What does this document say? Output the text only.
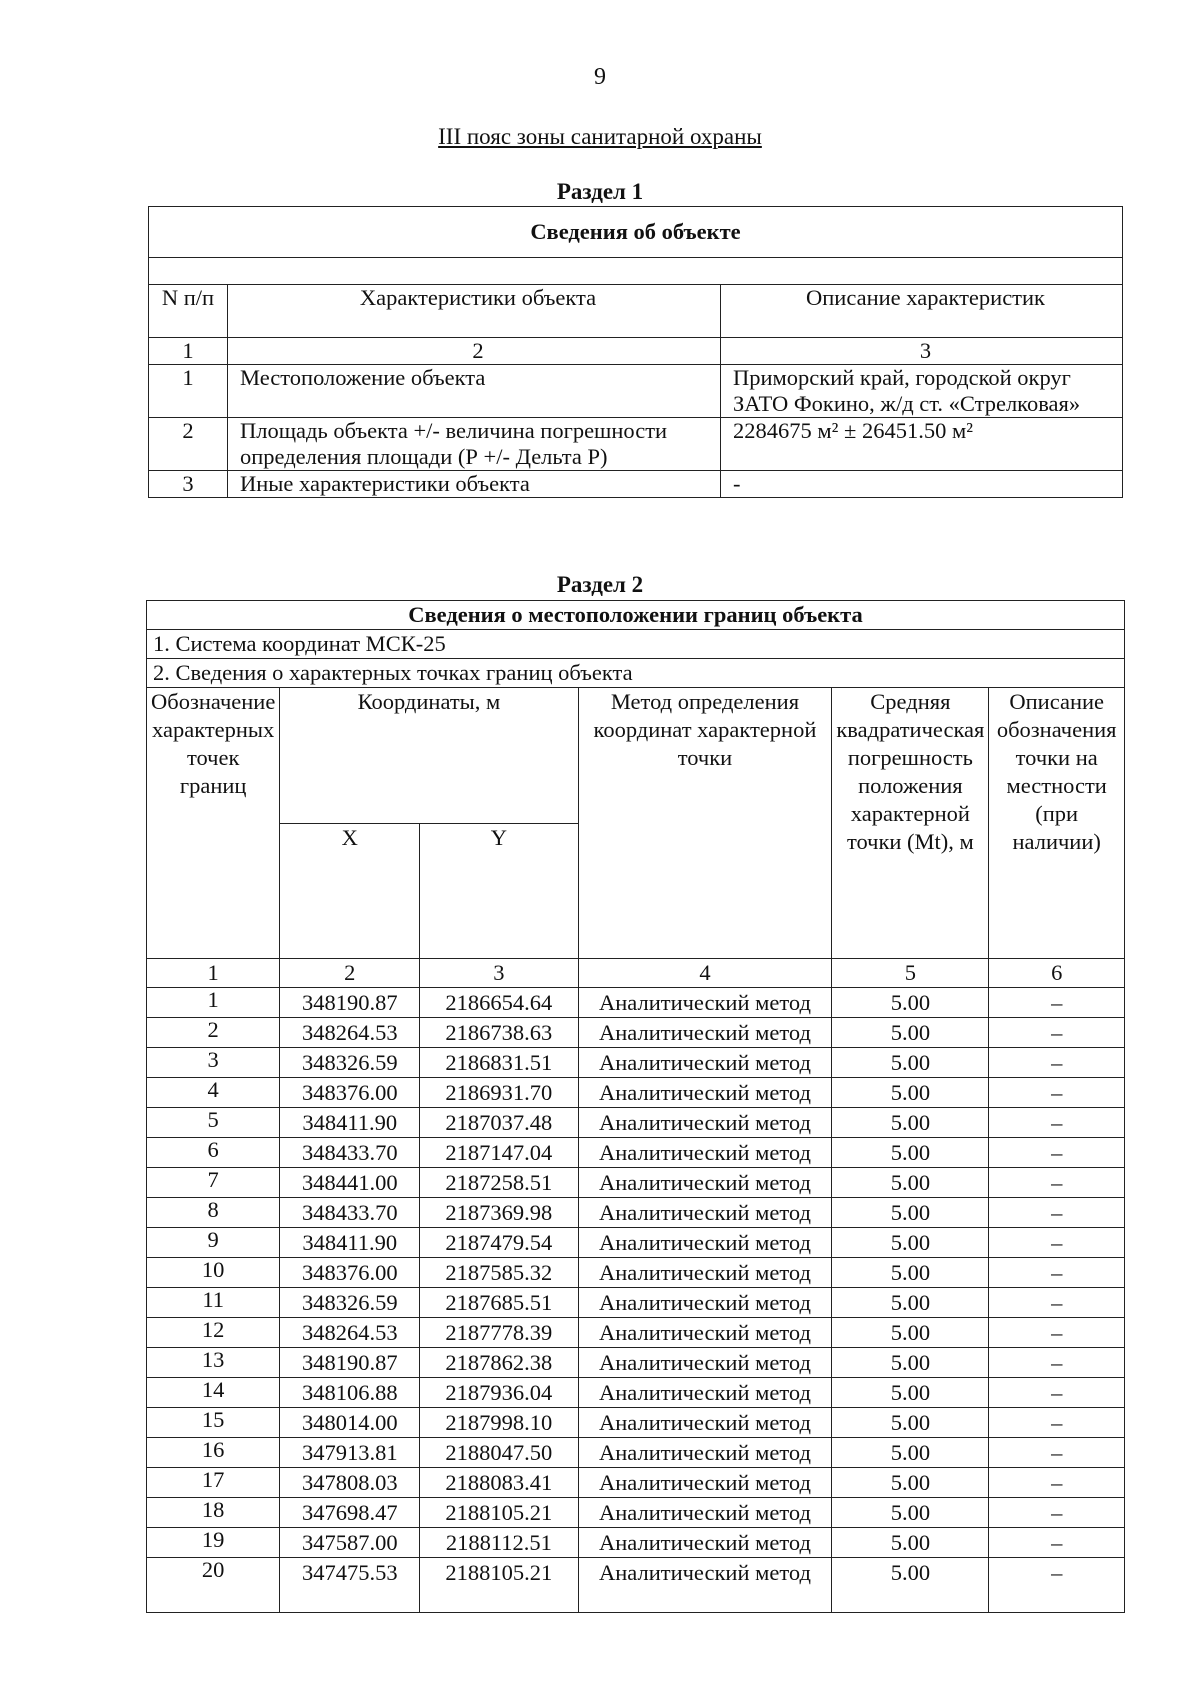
9
III пояс зоны санитарной охраны
Раздел 1
Сведения об объекте		

N п/п	Характеристики объекта	Описание характеристик
1	2	3
1	Местоположение объекта	Приморский край, городской округ ЗАТО Фокино, ж/д ст. «Стрелковая»
2	Площадь объекта +/- величина погрешности определения площади (Р +/- Дельта Р)	2284675 м² ± 26451.50 м²
3	Иные характеристики объекта	-
Раздел 2
Сведения о местоположении границ объекта					
1. Система координат МСК-25					
2. Сведения о характерных точках границ объекта					
Обозначение характерных точек границ	Координаты, м		Метод определения координат характерной точки	Средняя квадратическая погрешность положения характерной точки (Mt), м	Описание обозначения точки на местности (при наличии)
	X	Y			
1	2	3	4	5	6
1	348190.87	2186654.64	Аналитический метод	5.00	–
2	348264.53	2186738.63	Аналитический метод	5.00	–
3	348326.59	2186831.51	Аналитический метод	5.00	–
4	348376.00	2186931.70	Аналитический метод	5.00	–
5	348411.90	2187037.48	Аналитический метод	5.00	–
6	348433.70	2187147.04	Аналитический метод	5.00	–
7	348441.00	2187258.51	Аналитический метод	5.00	–
8	348433.70	2187369.98	Аналитический метод	5.00	–
9	348411.90	2187479.54	Аналитический метод	5.00	–
10	348376.00	2187585.32	Аналитический метод	5.00	–
11	348326.59	2187685.51	Аналитический метод	5.00	–
12	348264.53	2187778.39	Аналитический метод	5.00	–
13	348190.87	2187862.38	Аналитический метод	5.00	–
14	348106.88	2187936.04	Аналитический метод	5.00	–
15	348014.00	2187998.10	Аналитический метод	5.00	–
16	347913.81	2188047.50	Аналитический метод	5.00	–
17	347808.03	2188083.41	Аналитический метод	5.00	–
18	347698.47	2188105.21	Аналитический метод	5.00	–
19	347587.00	2188112.51	Аналитический метод	5.00	–
20	347475.53	2188105.21	Аналитический метод	5.00	–
